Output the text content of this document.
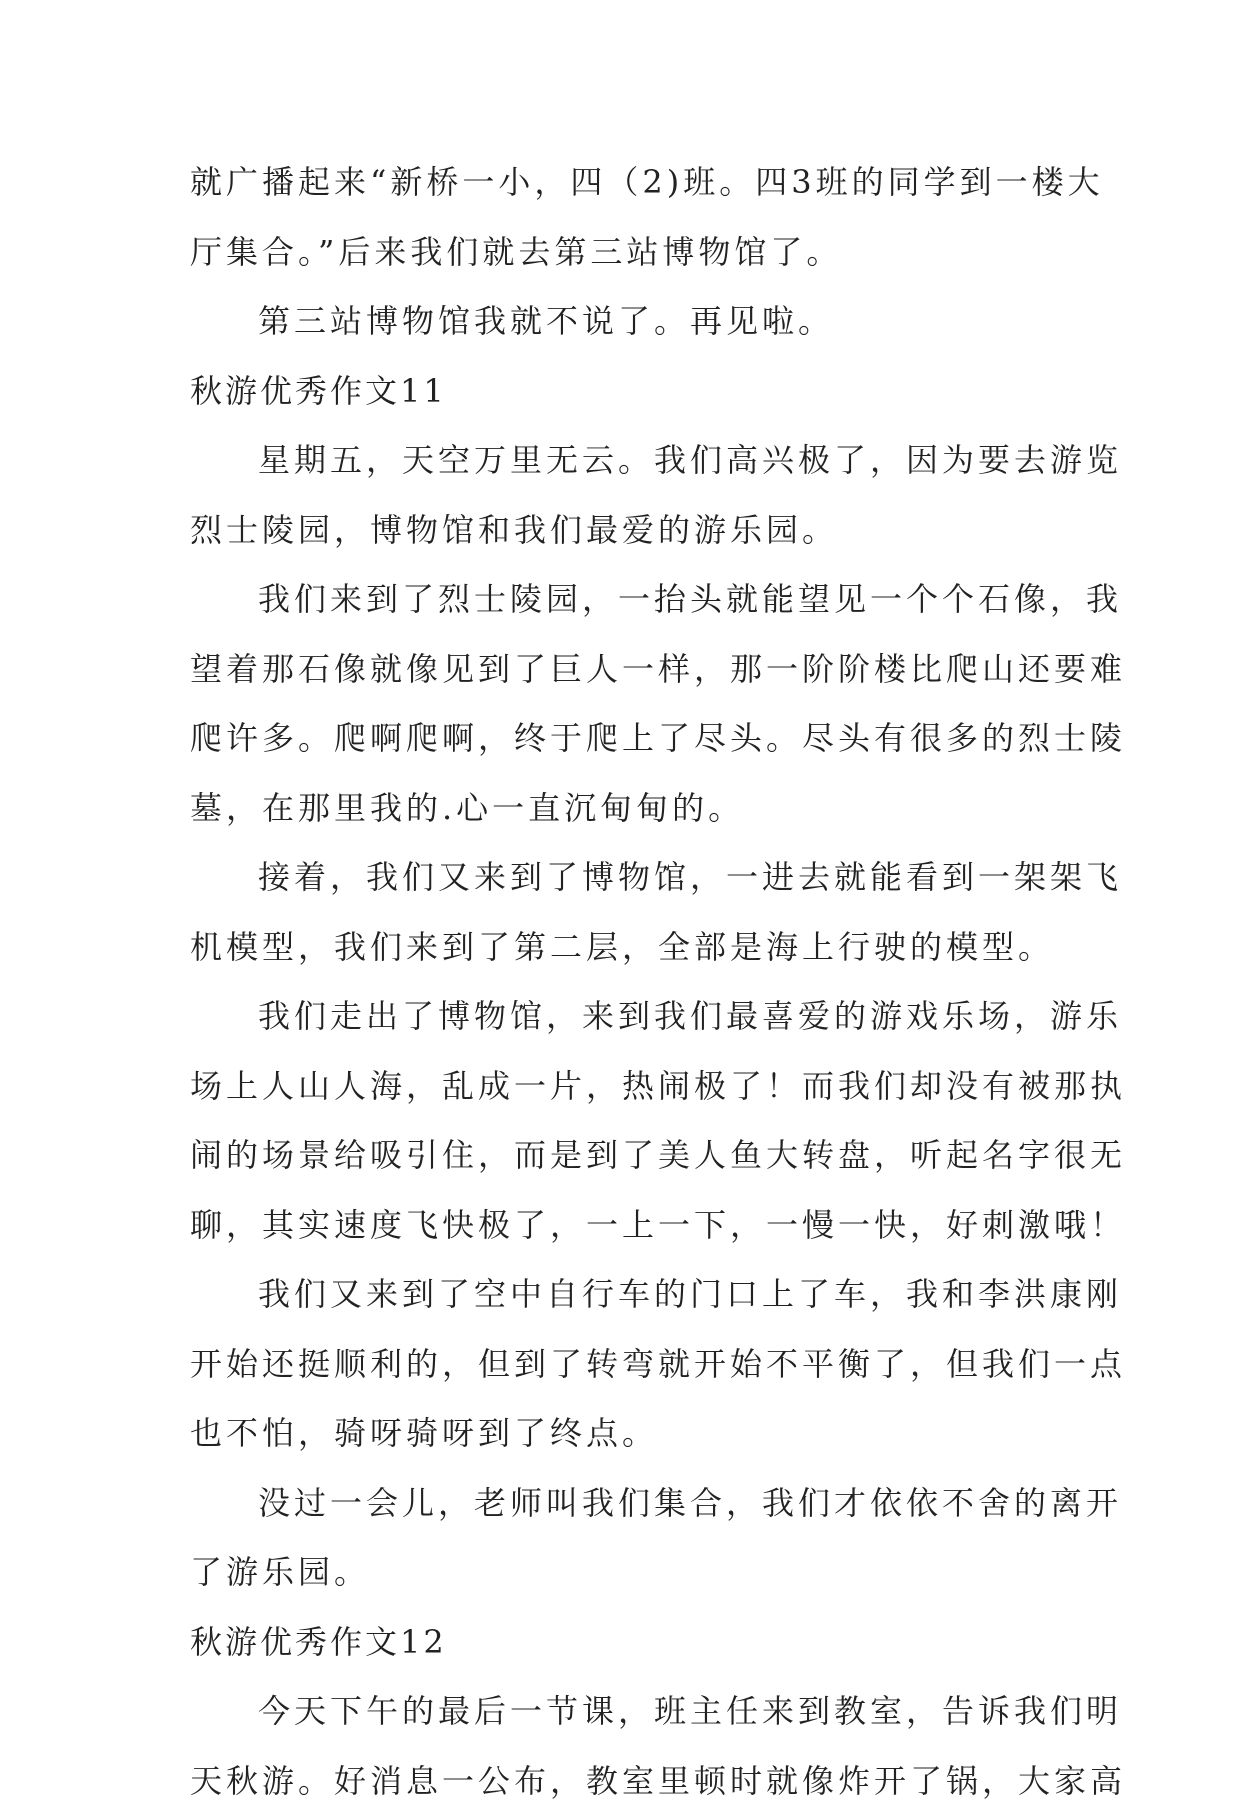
就广播起来“新桥一小，四（2)班。四3班的同学到一楼大
厅集合。”后来我们就去第三站博物馆了。
第三站博物馆我就不说了。再见啦。
秋游优秀作文11
星期五，天空万里无云。我们高兴极了，因为要去游览
烈士陵园，博物馆和我们最爱的游乐园。
我们来到了烈士陵园，一抬头就能望见一个个石像，我
望着那石像就像见到了巨人一样，那一阶阶楼比爬山还要难
爬许多。爬啊爬啊，终于爬上了尽头。尽头有很多的烈士陵
墓，在那里我的.心一直沉甸甸的。
接着，我们又来到了博物馆，一进去就能看到一架架飞
机模型，我们来到了第二层，全部是海上行驶的模型。
我们走出了博物馆，来到我们最喜爱的游戏乐场，游乐
场上人山人海，乱成一片，热闹极了！而我们却没有被那执
闹的场景给吸引住，而是到了美人鱼大转盘，听起名字很无
聊，其实速度飞快极了，一上一下，一慢一快，好刺激哦！
我们又来到了空中自行车的门口上了车，我和李洪康刚
开始还挺顺利的，但到了转弯就开始不平衡了，但我们一点
也不怕，骑呀骑呀到了终点。
没过一会儿，老师叫我们集合，我们才依依不舍的离开
了游乐园。
秋游优秀作文12
今天下午的最后一节课，班主任来到教室，告诉我们明
天秋游。好消息一公布，教室里顿时就像炸开了锅，大家高
